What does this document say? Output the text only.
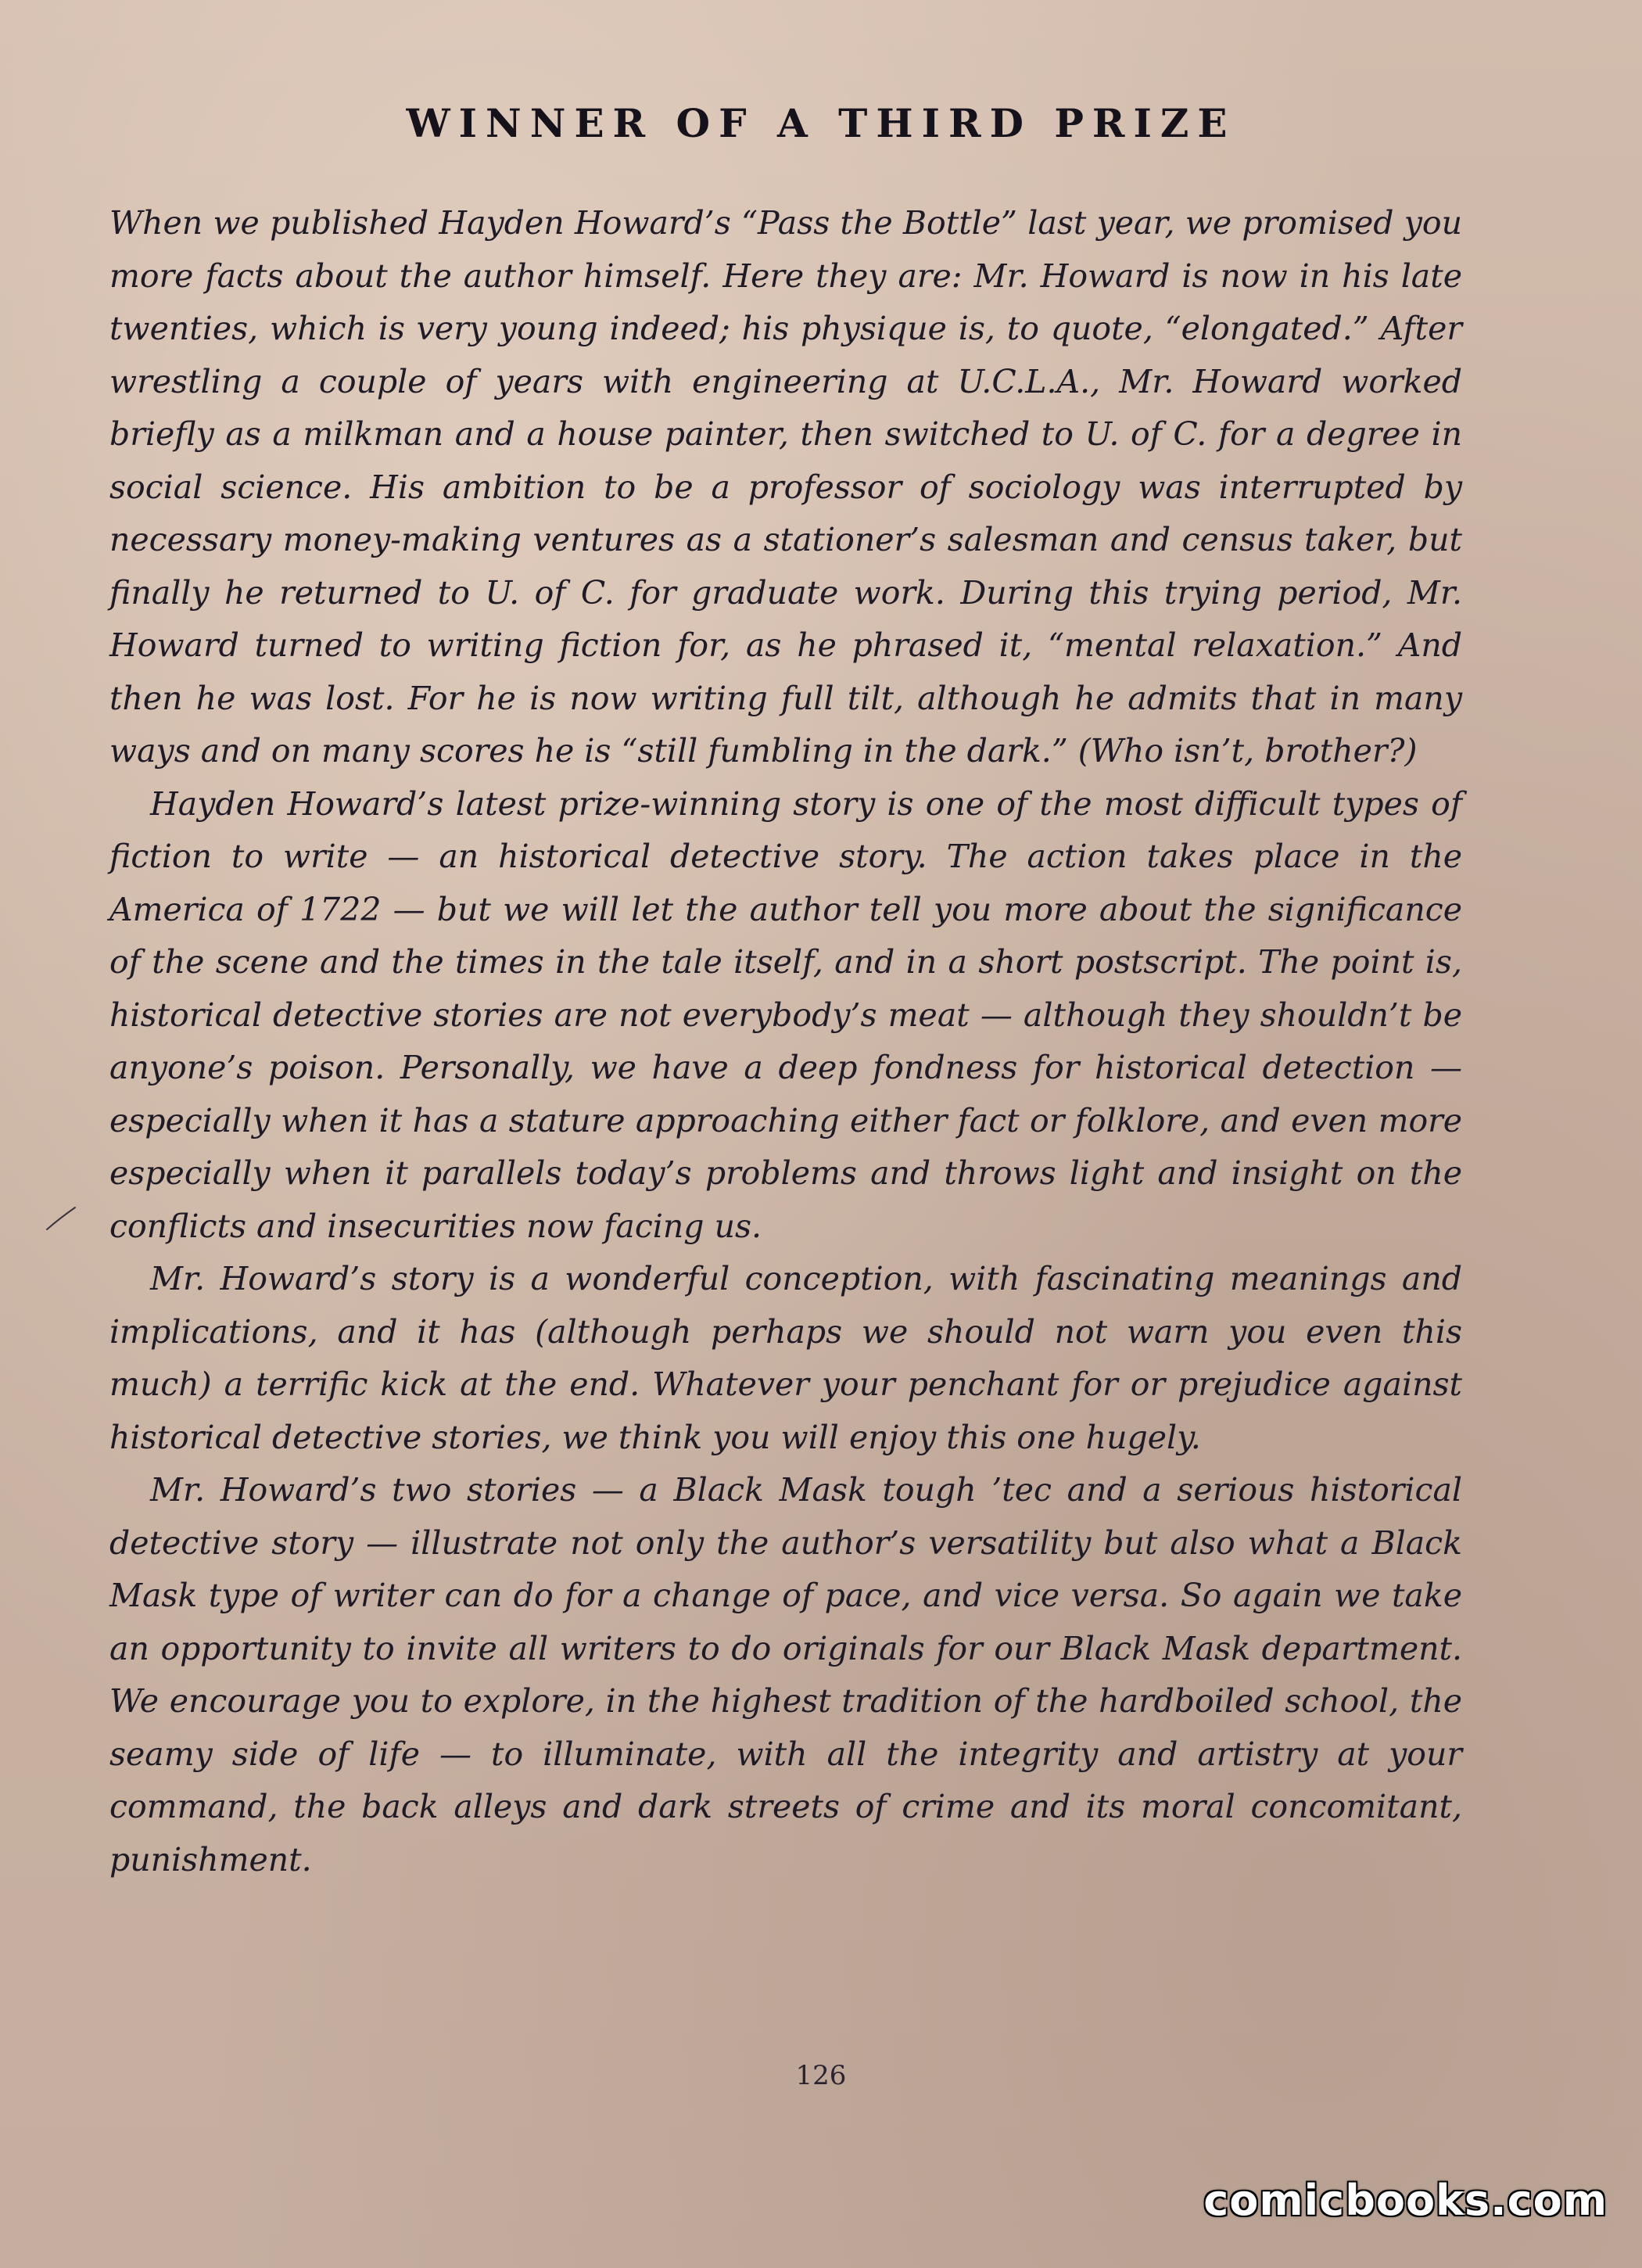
WINNER OF A THIRD PRIZE

When we published Hayden Howard’s “Pass the Bottle” last year, we promised you more facts about the author himself. Here they are: Mr. Howard is now in his late twenties, which is very young indeed; his physique is, to quote, “elongated.” After wrestling a couple of years with engineering at U.C.L.A., Mr. Howard worked briefly as a milkman and a house painter, then switched to U. of C. for a degree in social science. His ambition to be a professor of sociology was interrupted by necessary money-making ventures as a stationer’s salesman and census taker, but finally he returned to U. of C. for graduate work. During this trying period, Mr. Howard turned to writing fiction for, as he phrased it, “mental relaxation.” And then he was lost. For he is now writing full tilt, although he admits that in many ways and on many scores he is “still fumbling in the dark.” (Who isn’t, brother?)

Hayden Howard’s latest prize-winning story is one of the most difficult types of fiction to write — an historical detective story. The action takes place in the America of 1722 — but we will let the author tell you more about the significance of the scene and the times in the tale itself, and in a short postscript. The point is, historical detective stories are not everybody’s meat — although they shouldn’t be anyone’s poison. Personally, we have a deep fondness for historical detection — especially when it has a stature approaching either fact or folklore, and even more especially when it parallels today’s problems and throws light and insight on the conflicts and insecurities now facing us.

Mr. Howard’s story is a wonderful conception, with fascinating meanings and implications, and it has (although perhaps we should not warn you even this much) a terrific kick at the end. Whatever your penchant for or prejudice against historical detective stories, we think you will enjoy this one hugely.

Mr. Howard’s two stories — a Black Mask tough ’tec and a serious historical detective story — illustrate not only the author’s versatility but also what a Black Mask type of writer can do for a change of pace, and vice versa. So again we take an opportunity to invite all writers to do originals for our Black Mask department. We encourage you to explore, in the highest tradition of the hardboiled school, the seamy side of life — to illuminate, with all the integrity and artistry at your command, the back alleys and dark streets of crime and its moral concomitant, punishment.

126
comicbooks.com
